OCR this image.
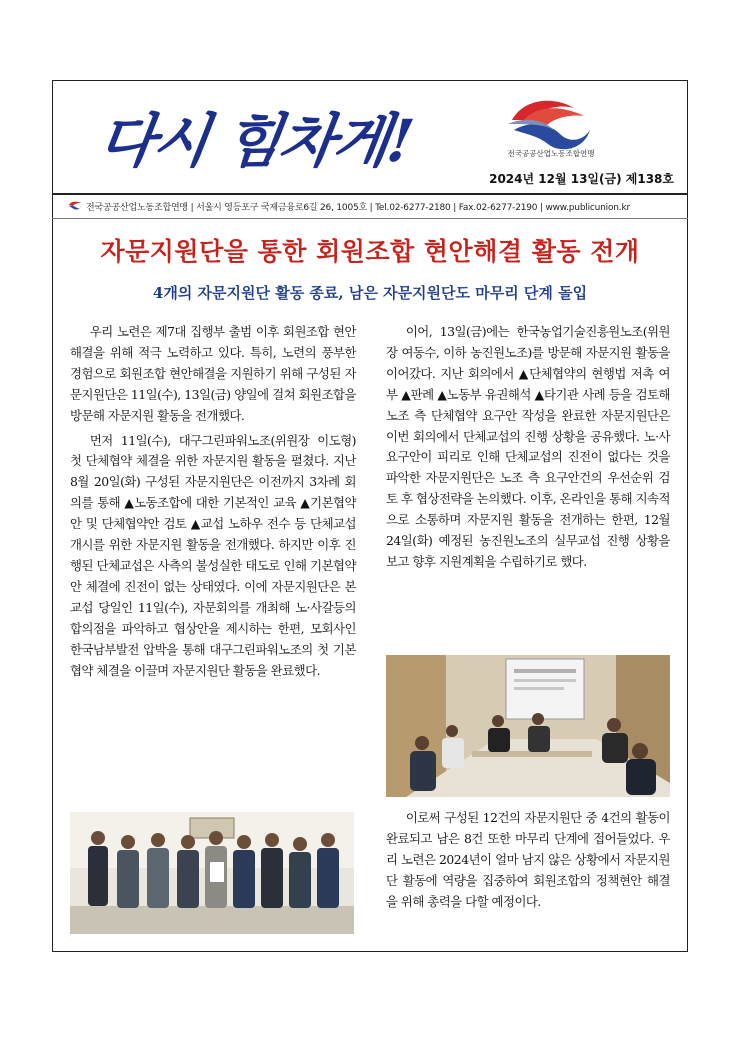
다시 힘차게!	전국공공산업노동조합연맹
2024년 12월 13일(금) 제138호
전국공공산업노동조합연맹 | 서울시 영등포구 국제금융로6길 26, 1005호 | Tel.02-6277-2180 | Fax.02-6277-2190 | www.publicunion.kr
자문지원단을 통한 회원조합 현안해결 활동 전개
4개의 자문지원단 활동 종료, 남은 자문지원단도 마무리 단계 돌입

우리 노련은 제7대 집행부 출범 이후 회원조합 현안해결을 위해 적극 노력하고 있다. 특히, 노련의 풍부한 경험으로 회원조합 현안해결을 지원하기 위해 구성된 자문지원단은 11일(수), 13일(금) 양일에 걸쳐 회원조합을 방문해 자문지원 활동을 전개했다.

먼저 11일(수), 대구그린파워노조(위원장 이도형) 첫 단체협약 체결을 위한 자문지원 활동을 펼쳤다. 지난 8월 20일(화) 구성된 자문지원단은 이전까지 3차례 회의를 통해 ▲노동조합에 대한 기본적인 교육 ▲기본협약안 및 단체협약안 검토 ▲교섭 노하우 전수 등 단체교섭 개시를 위한 자문지원 활동을 전개했다. 하지만 이후 진행된 단체교섭은 사측의 불성실한 태도로 인해 기본협약안 체결에 진전이 없는 상태였다. 이에 자문지원단은 본교섭 당일인 11일(수), 자문회의를 개최해 노·사갈등의 합의점을 파악하고 협상안을 제시하는 한편, 모회사인 한국남부발전 압박을 통해 대구그린파워노조의 첫 기본협약 체결을 이끌며 자문지원단 활동을 완료했다.

이어, 13일(금)에는 한국농업기술진흥원노조(위원장 여동수, 이하 농진원노조)를 방문해 자문지원 활동을 이어갔다. 지난 회의에서 ▲단체협약의 현행법 저촉 여부 ▲판례 ▲노동부 유권해석 ▲타기관 사례 등을 검토해 노조 측 단체협약 요구안 작성을 완료한 자문지원단은 이번 회의에서 단체교섭의 진행 상황을 공유했다. 노·사 요구안이 피리로 인해 단체교섭의 진전이 없다는 것을 파악한 자문지원단은 노조 측 요구안건의 우선순위 검토 후 협상전략을 논의했다. 이후, 온라인을 통해 지속적으로 소통하며 자문지원 활동을 전개하는 한편, 12월 24일(화) 예정된 농진원노조의 실무교섭 진행 상황을 보고 향후 지원계획을 수립하기로 했다.

이로써 구성된 12건의 자문지원단 중 4건의 활동이 완료되고 남은 8건 또한 마무리 단계에 접어들었다. 우리 노련은 2024년이 얼마 남지 않은 상황에서 자문지원단 활동에 역량을 집중하여 회원조합의 정책현안 해결을 위해 총력을 다할 예정이다.
